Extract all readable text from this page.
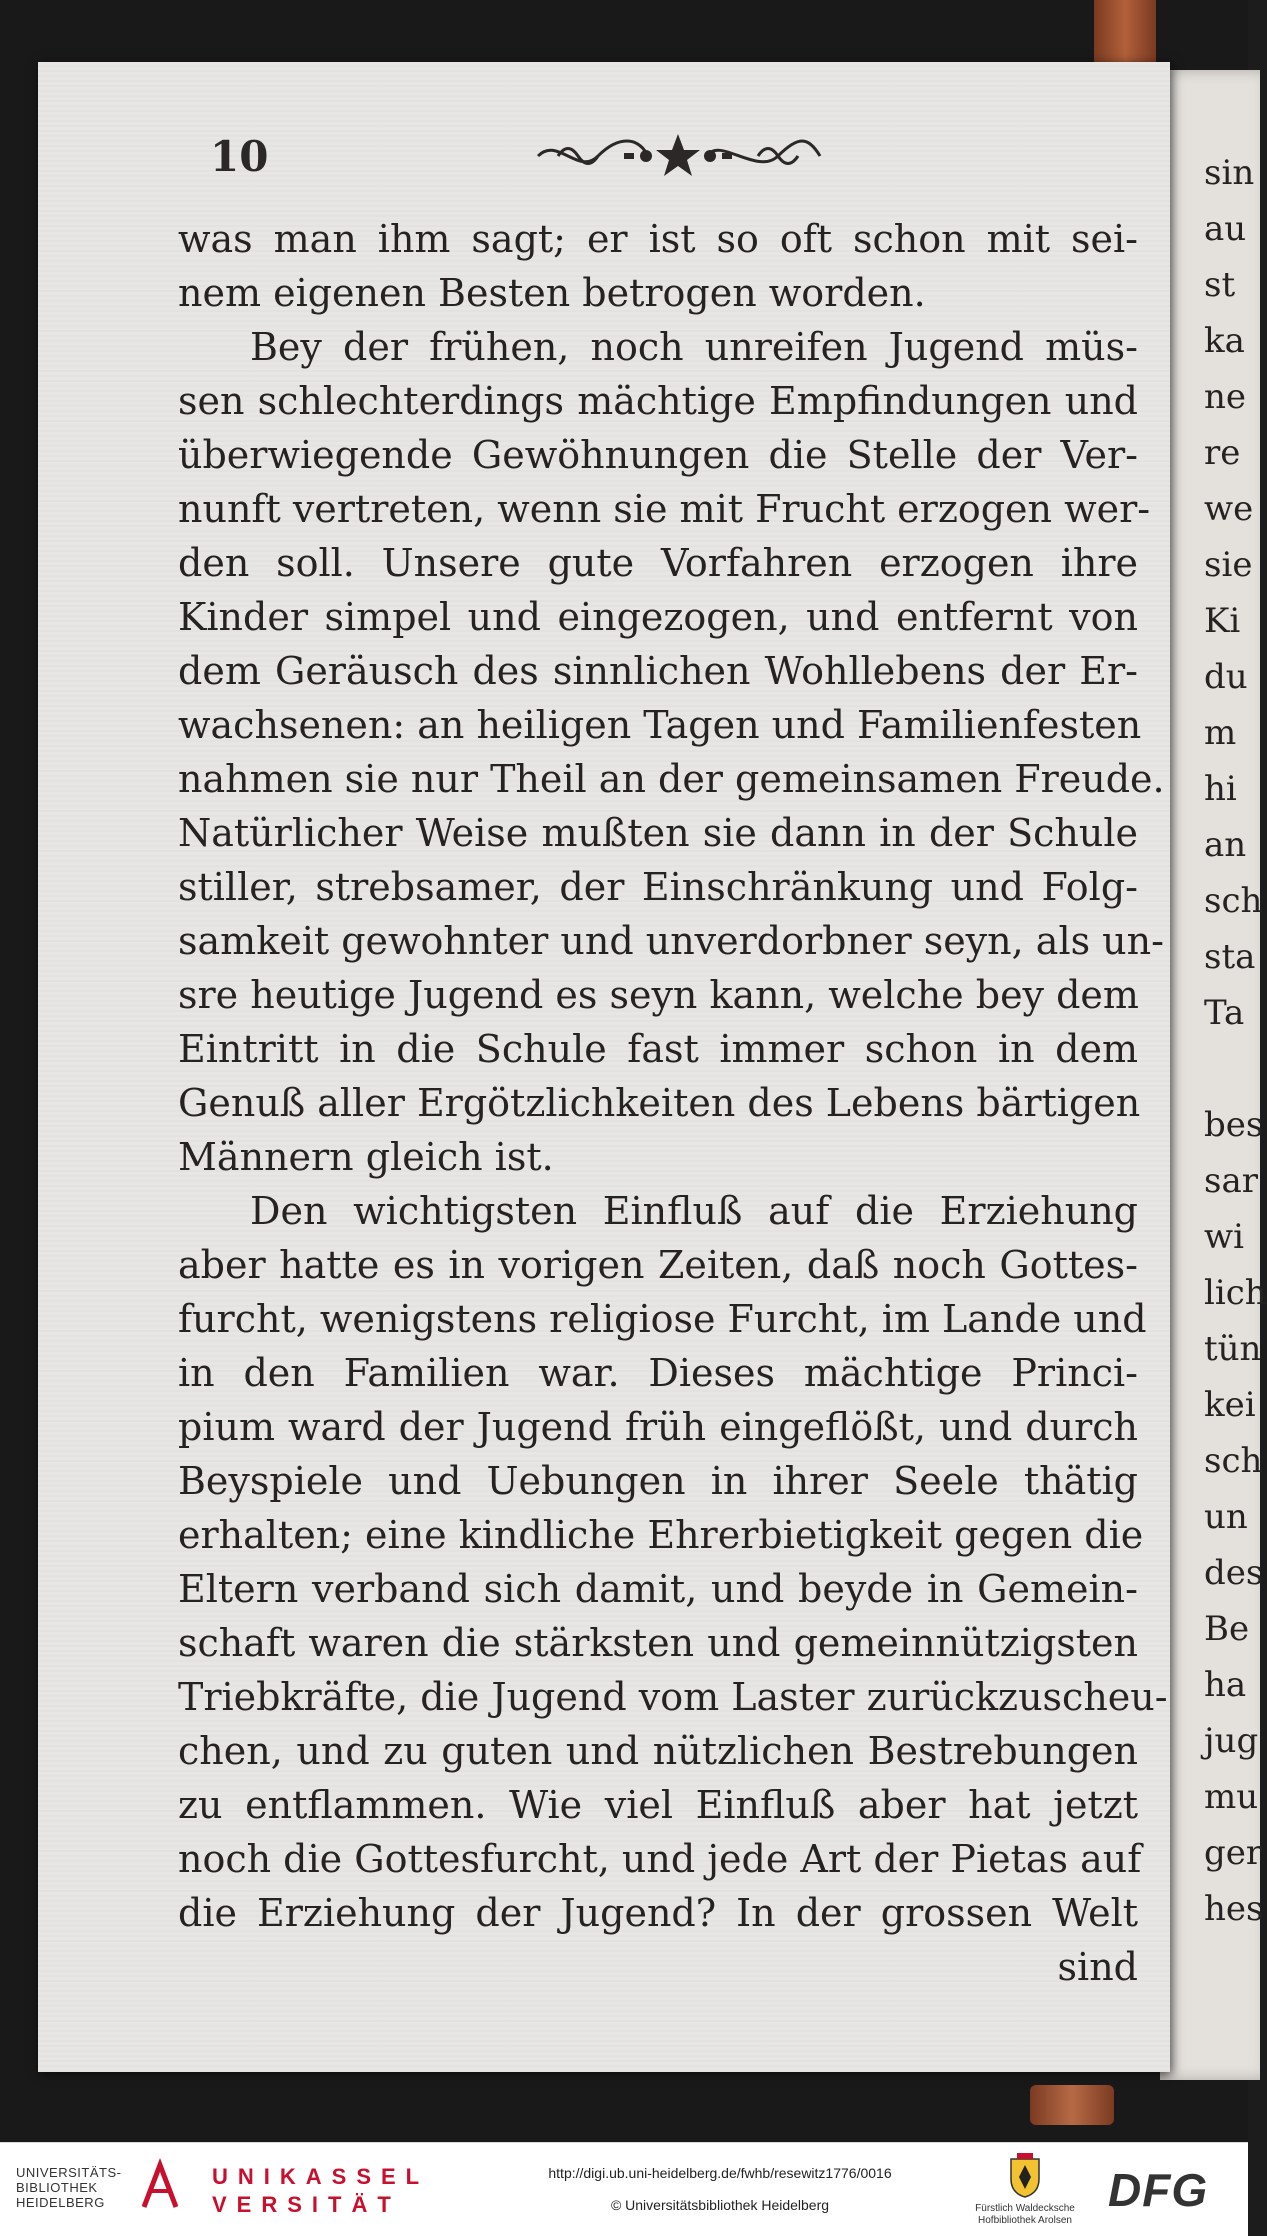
sin
au
st
ka
ne
re
we
sie
Ki
du
m
hi
an
sch
sta
Ta
bes
sar
wi
lich
tün
kei
sch
un
des
Be
ha
jug
mu
ger
hes
10
was man ihm sagt; er ist so oft schon mit sei-
nem eigenen Besten betrogen worden.
Bey der frühen, noch unreifen Jugend müs-
sen schlechterdings mächtige Empfindungen und
überwiegende Gewöhnungen die Stelle der Ver-
nunft vertreten, wenn sie mit Frucht erzogen wer-
den soll. Unsere gute Vorfahren erzogen ihre
Kinder simpel und eingezogen, und entfernt von
dem Geräusch des sinnlichen Wohllebens der Er-
wachsenen: an heiligen Tagen und Familienfesten
nahmen sie nur Theil an der gemeinsamen Freude.
Natürlicher Weise mußten sie dann in der Schule
stiller, strebsamer, der Einschränkung und Folg-
samkeit gewohnter und unverdorbner seyn, als un-
sre heutige Jugend es seyn kann, welche bey dem
Eintritt in die Schule fast immer schon in dem
Genuß aller Ergötzlichkeiten des Lebens bärtigen
Männern gleich ist.
Den wichtigsten Einfluß auf die Erziehung
aber hatte es in vorigen Zeiten, daß noch Gottes-
furcht, wenigstens religiose Furcht, im Lande und
in den Familien war. Dieses mächtige Princi-
pium ward der Jugend früh eingeflößt, und durch
Beyspiele und Uebungen in ihrer Seele thätig
erhalten; eine kindliche Ehrerbietigkeit gegen die
Eltern verband sich damit, und beyde in Gemein-
schaft waren die stärksten und gemeinnützigsten
Triebkräfte, die Jugend vom Laster zurückzuscheu-
chen, und zu guten und nützlichen Bestrebungen
zu entflammen. Wie viel Einfluß aber hat jetzt
noch die Gottesfurcht, und jede Art der Pietas auf
die Erziehung der Jugend? In der grossen Welt
sind
UNIVERSITÄTS-
BIBLIOTHEK
HEIDELBERG
UNIKASSEL
VERSITÄT
http://digi.ub.uni-heidelberg.de/fwhb/resewitz1776/0016
© Universitätsbibliothek Heidelberg	Fürstlich Waldecksche
Hofbibliothek Arolsen
DFG
